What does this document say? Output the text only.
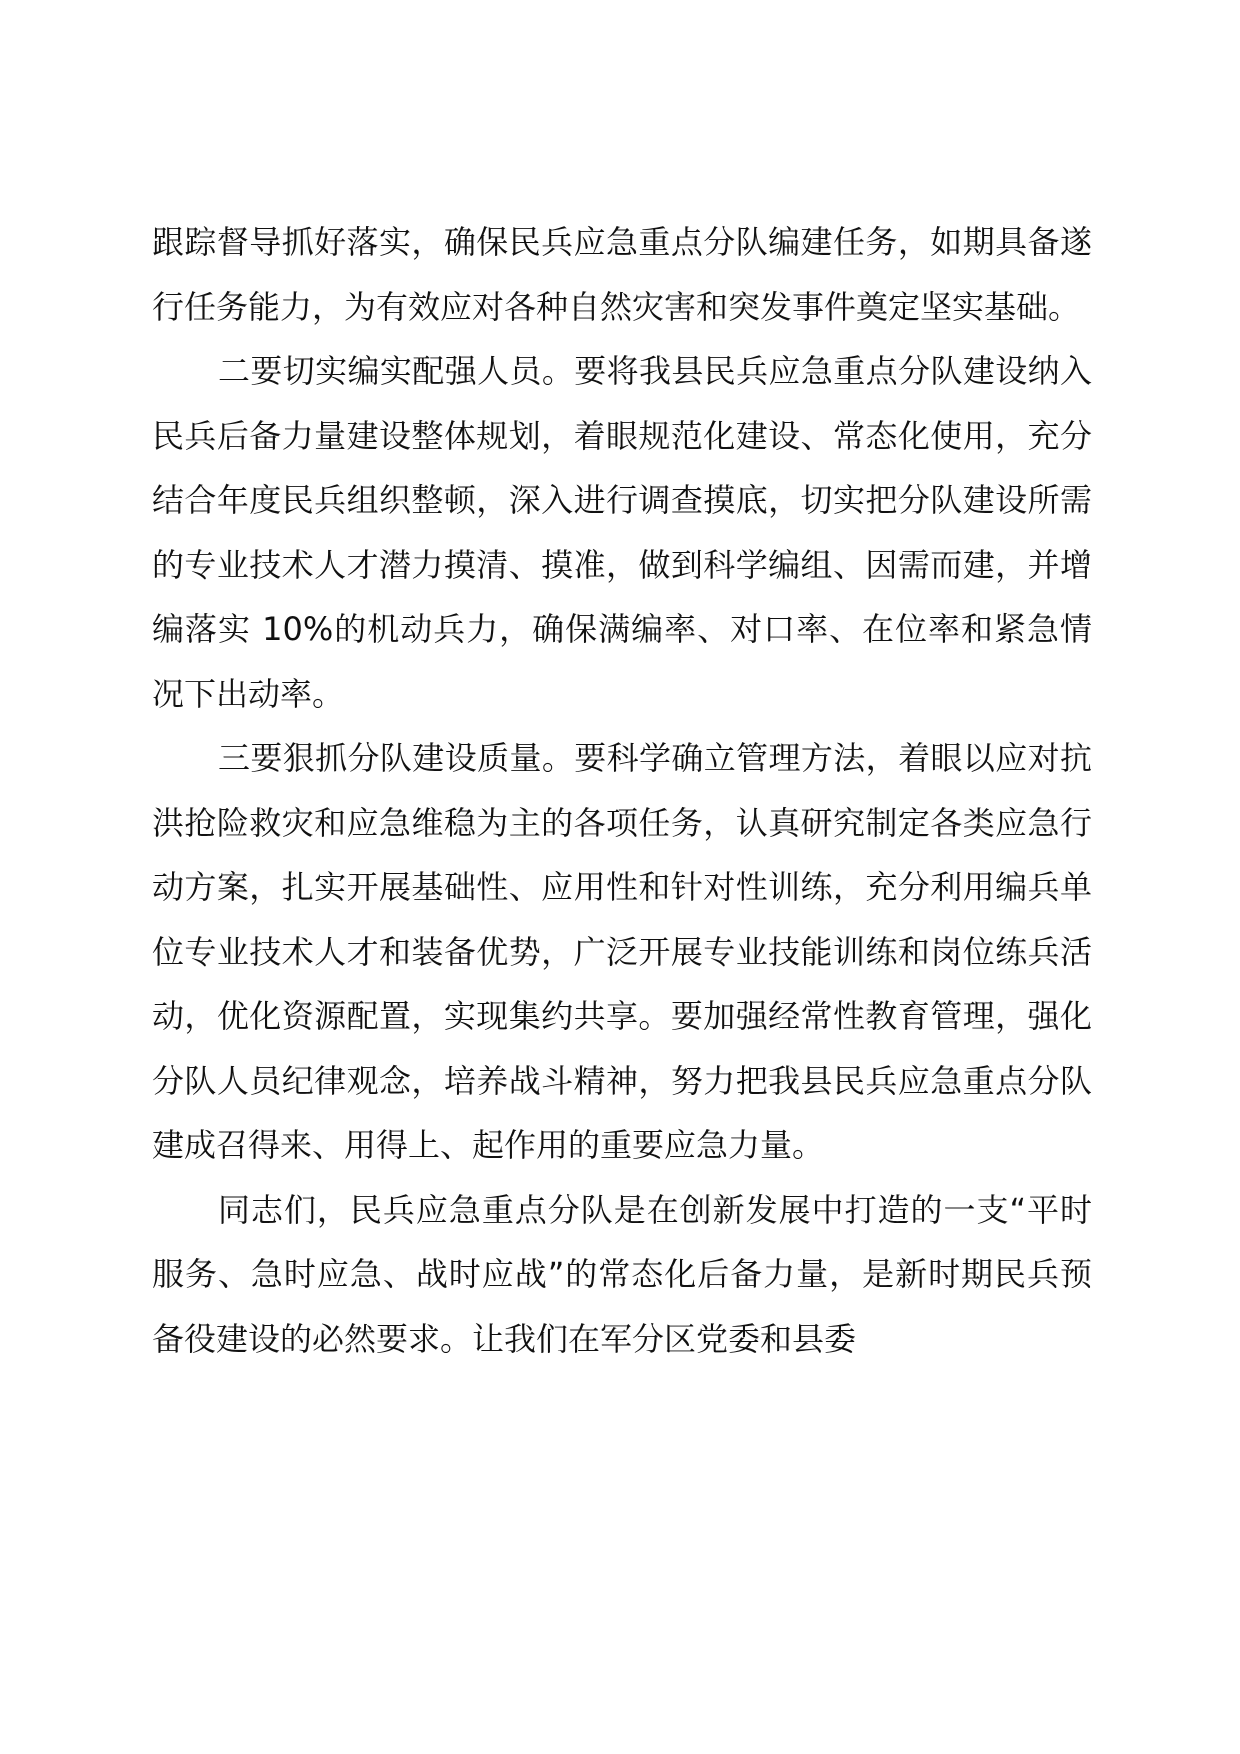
跟踪督导抓好落实，确保民兵应急重点分队编建任务，如期具备遂行任务能力，为有效应对各种自然灾害和突发事件奠定坚实基础。

二要切实编实配强人员。要将我县民兵应急重点分队建设纳入民兵后备力量建设整体规划，着眼规范化建设、常态化使用，充分结合年度民兵组织整顿，深入进行调查摸底，切实把分队建设所需的专业技术人才潜力摸清、摸准，做到科学编组、因需而建，并增编落实 10%的机动兵力，确保满编率、对口率、在位率和紧急情况下出动率。

三要狠抓分队建设质量。要科学确立管理方法，着眼以应对抗洪抢险救灾和应急维稳为主的各项任务，认真研究制定各类应急行动方案，扎实开展基础性、应用性和针对性训练，充分利用编兵单位专业技术人才和装备优势，广泛开展专业技能训练和岗位练兵活动，优化资源配置，实现集约共享。要加强经常性教育管理，强化分队人员纪律观念，培养战斗精神，努力把我县民兵应急重点分队建成召得来、用得上、起作用的重要应急力量。

同志们，民兵应急重点分队是在创新发展中打造的一支“平时服务、急时应急、战时应战”的常态化后备力量，是新时期民兵预备役建设的必然要求。让我们在军分区党委和县委
